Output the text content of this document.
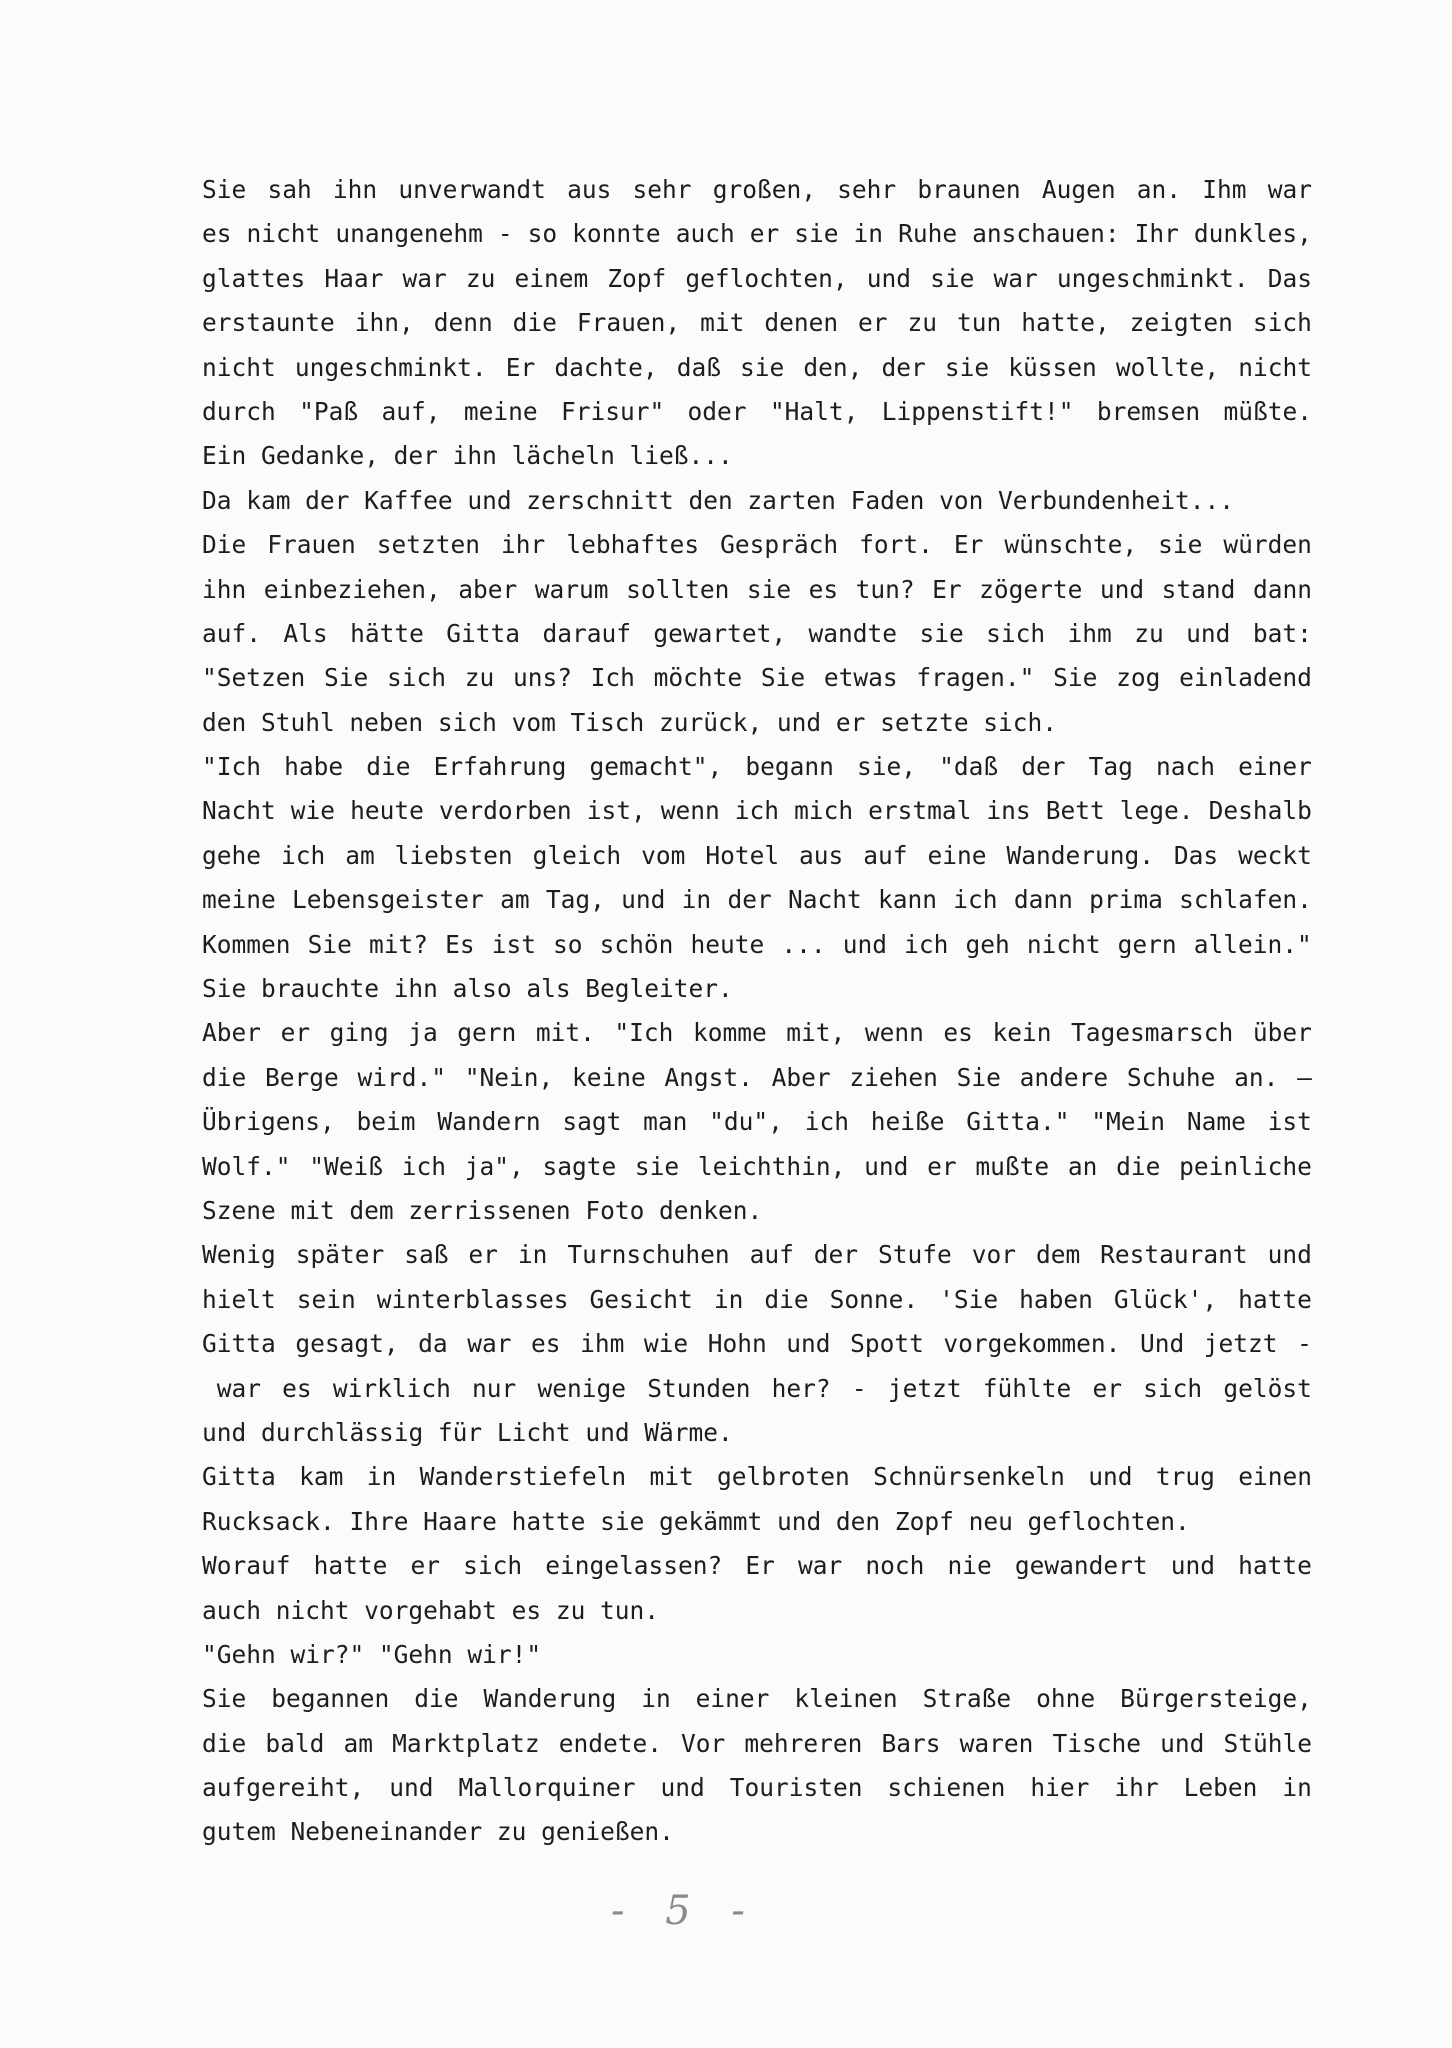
Sie sah ihn unverwandt aus sehr großen, sehr braunen Augen an. Ihm war
es nicht unangenehm - so konnte auch er sie in Ruhe anschauen: Ihr dunkles,
glattes Haar war zu einem Zopf geflochten, und sie war ungeschminkt. Das
erstaunte ihn, denn die Frauen, mit denen er zu tun hatte, zeigten sich
nicht ungeschminkt. Er dachte, daß sie den, der sie küssen wollte, nicht
durch "Paß auf, meine Frisur" oder "Halt, Lippenstift!" bremsen müßte.
Ein Gedanke, der ihn lächeln ließ...
Da kam der Kaffee und zerschnitt den zarten Faden von Verbundenheit...
Die Frauen setzten ihr lebhaftes Gespräch fort. Er wünschte, sie würden
ihn einbeziehen, aber warum sollten sie es tun? Er zögerte und stand dann
auf. Als hätte Gitta darauf gewartet, wandte sie sich ihm zu und bat:
"Setzen Sie sich zu uns? Ich möchte Sie etwas fragen." Sie zog einladend
den Stuhl neben sich vom Tisch zurück, und er setzte sich.
"Ich habe die Erfahrung gemacht", begann sie, "daß der Tag nach einer
Nacht wie heute verdorben ist, wenn ich mich erstmal ins Bett lege. Deshalb
gehe ich am liebsten gleich vom Hotel aus auf eine Wanderung. Das weckt
meine Lebensgeister am Tag, und in der Nacht kann ich dann prima schlafen.
Kommen Sie mit? Es ist so schön heute ... und ich geh nicht gern allein."
Sie brauchte ihn also als Begleiter.
Aber er ging ja gern mit. "Ich komme mit, wenn es kein Tagesmarsch über
die Berge wird." "Nein, keine Angst. Aber ziehen Sie andere Schuhe an. —
Übrigens, beim Wandern sagt man "du", ich heiße Gitta." "Mein Name ist
Wolf." "Weiß ich ja", sagte sie leichthin, und er mußte an die peinliche
Szene mit dem zerrissenen Foto denken.
Wenig später saß er in Turnschuhen auf der Stufe vor dem Restaurant und
hielt sein winterblasses Gesicht in die Sonne. 'Sie haben Glück', hatte
Gitta gesagt, da war es ihm wie Hohn und Spott vorgekommen. Und jetzt -
war es wirklich nur wenige Stunden her? - jetzt fühlte er sich gelöst
und durchlässig für Licht und Wärme.
Gitta kam in Wanderstiefeln mit gelbroten Schnürsenkeln und trug einen
Rucksack. Ihre Haare hatte sie gekämmt und den Zopf neu geflochten.
Worauf hatte er sich eingelassen? Er war noch nie gewandert und hatte
auch nicht vorgehabt es zu tun.
"Gehn wir?" "Gehn wir!"
Sie begannen die Wanderung in einer kleinen Straße ohne Bürgersteige,
die bald am Marktplatz endete. Vor mehreren Bars waren Tische und Stühle
aufgereiht, und Mallorquiner und Touristen schienen hier ihr Leben in
gutem Nebeneinander zu genießen.
- 5 -
